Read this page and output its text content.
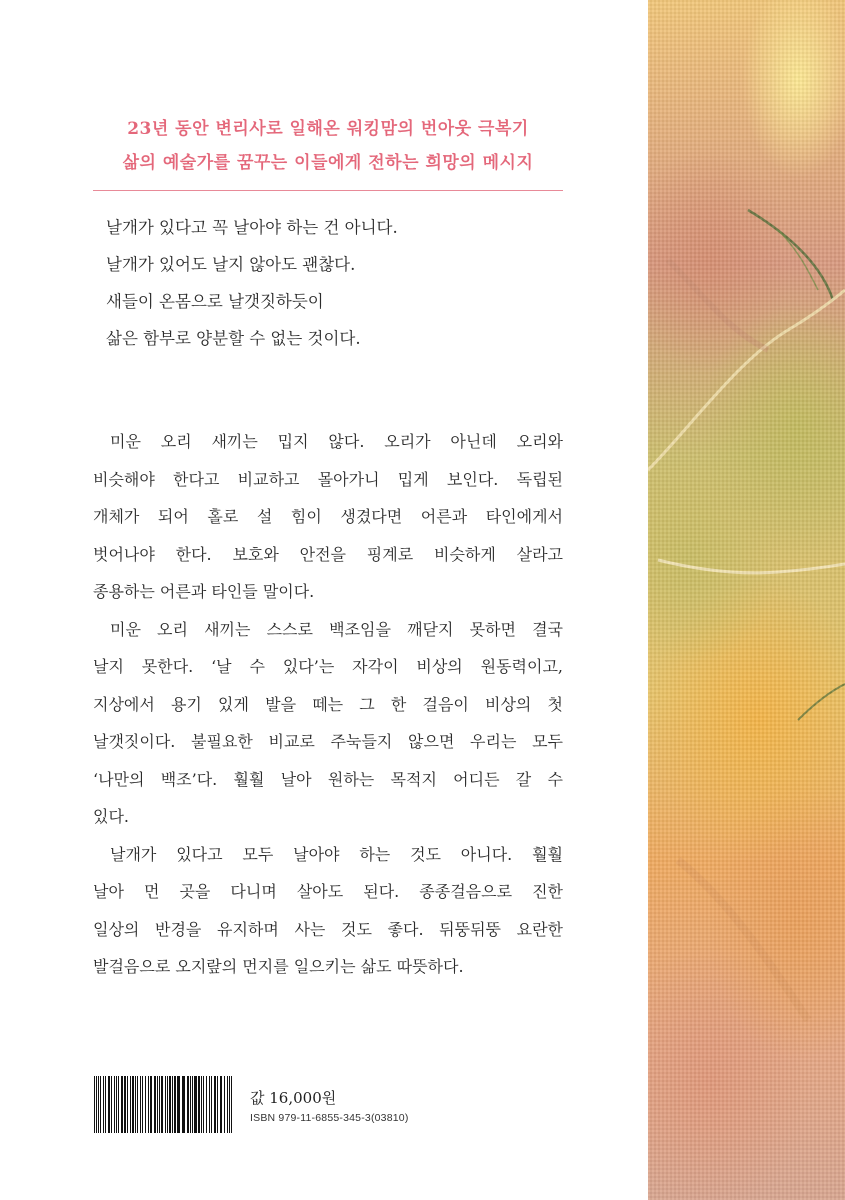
23년 동안 변리사로 일해온 워킹맘의 번아웃 극복기
삶의 예술가를 꿈꾸는 이들에게 전하는 희망의 메시지
날개가 있다고 꼭 날아야 하는 건 아니다.
날개가 있어도 날지 않아도 괜찮다.
새들이 온몸으로 날갯짓하듯이
삶은 함부로 양분할 수 없는 것이다.
미운 오리 새끼는 밉지 않다. 오리가 아닌데 오리와
비슷해야 한다고 비교하고 몰아가니 밉게 보인다. 독립된
개체가 되어 홀로 설 힘이 생겼다면 어른과 타인에게서
벗어나야 한다. 보호와 안전을 핑계로 비슷하게 살라고
종용하는 어른과 타인들 말이다.
미운 오리 새끼는 스스로 백조임을 깨닫지 못하면 결국
날지 못한다. ‘날 수 있다’는 자각이 비상의 원동력이고,
지상에서 용기 있게 발을 떼는 그 한 걸음이 비상의 첫
날갯짓이다. 불필요한 비교로 주눅들지 않으면 우리는 모두
‘나만의 백조’다. 훨훨 날아 원하는 목적지 어디든 갈 수
있다.
날개가 있다고 모두 날아야 하는 것도 아니다. 훨훨
날아 먼 곳을 다니며 살아도 된다. 종종걸음으로 진한
일상의 반경을 유지하며 사는 것도 좋다. 뒤뚱뒤뚱 요란한
발걸음으로 오지랖의 먼지를 일으키는 삶도 따뜻하다.
값 16,000원
ISBN 979-11-6855-345-3(03810)
